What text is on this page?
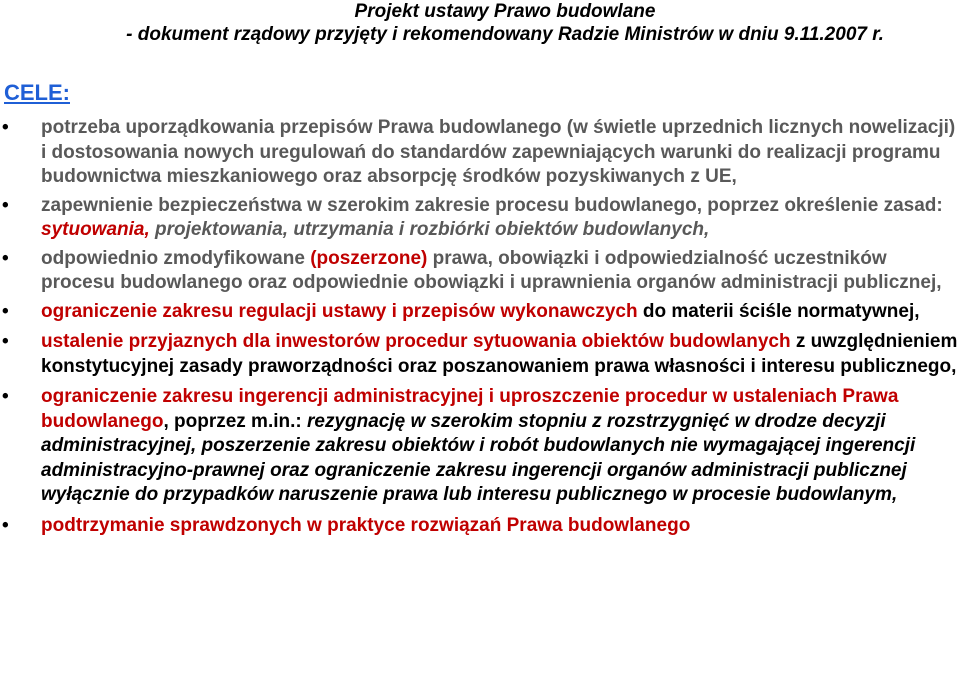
Projekt ustawy Prawo budowlane
- dokument rządowy przyjęty i rekomendowany Radzie Ministrów w dniu 9.11.2007 r.
CELE:
• potrzeba uporządkowania przepisów Prawa budowlanego (w świetle uprzednich licznych nowelizacji) i dostosowania nowych uregulowań do standardów zapewniających warunki do realizacji programu budownictwa mieszkaniowego oraz absorpcję środków pozyskiwanych z UE,
• zapewnienie bezpieczeństwa w szerokim zakresie procesu budowlanego, poprzez określenie zasad: sytuowania, projektowania, utrzymania i rozbiórki obiektów budowlanych,
• odpowiednio zmodyfikowane (poszerzone) prawa, obowiązki i odpowiedzialność uczestników procesu budowlanego oraz odpowiednie obowiązki i uprawnienia organów administracji publicznej,
• ograniczenie zakresu regulacji ustawy i przepisów wykonawczych do materii ściśle normatywnej,
• ustalenie przyjaznych dla inwestorów procedur sytuowania obiektów budowlanych z uwzględnieniem konstytucyjnej zasady praworządności oraz poszanowaniem prawa własności i interesu publicznego,
• ograniczenie zakresu ingerencji administracyjnej i uproszczenie procedur w ustaleniach Prawa budowlanego, poprzez m.in.: rezygnację w szerokim stopniu z rozstrzygnięć w drodze decyzji administracyjnej, poszerzenie zakresu obiektów i robót budowlanych nie wymagającej ingerencji administracyjno-prawnej oraz ograniczenie zakresu ingerencji organów administracji publicznej wyłącznie do przypadków naruszenie prawa lub interesu publicznego w procesie budowlanym,
• podtrzymanie sprawdzonych w praktyce rozwiązań Prawa budowlanego
